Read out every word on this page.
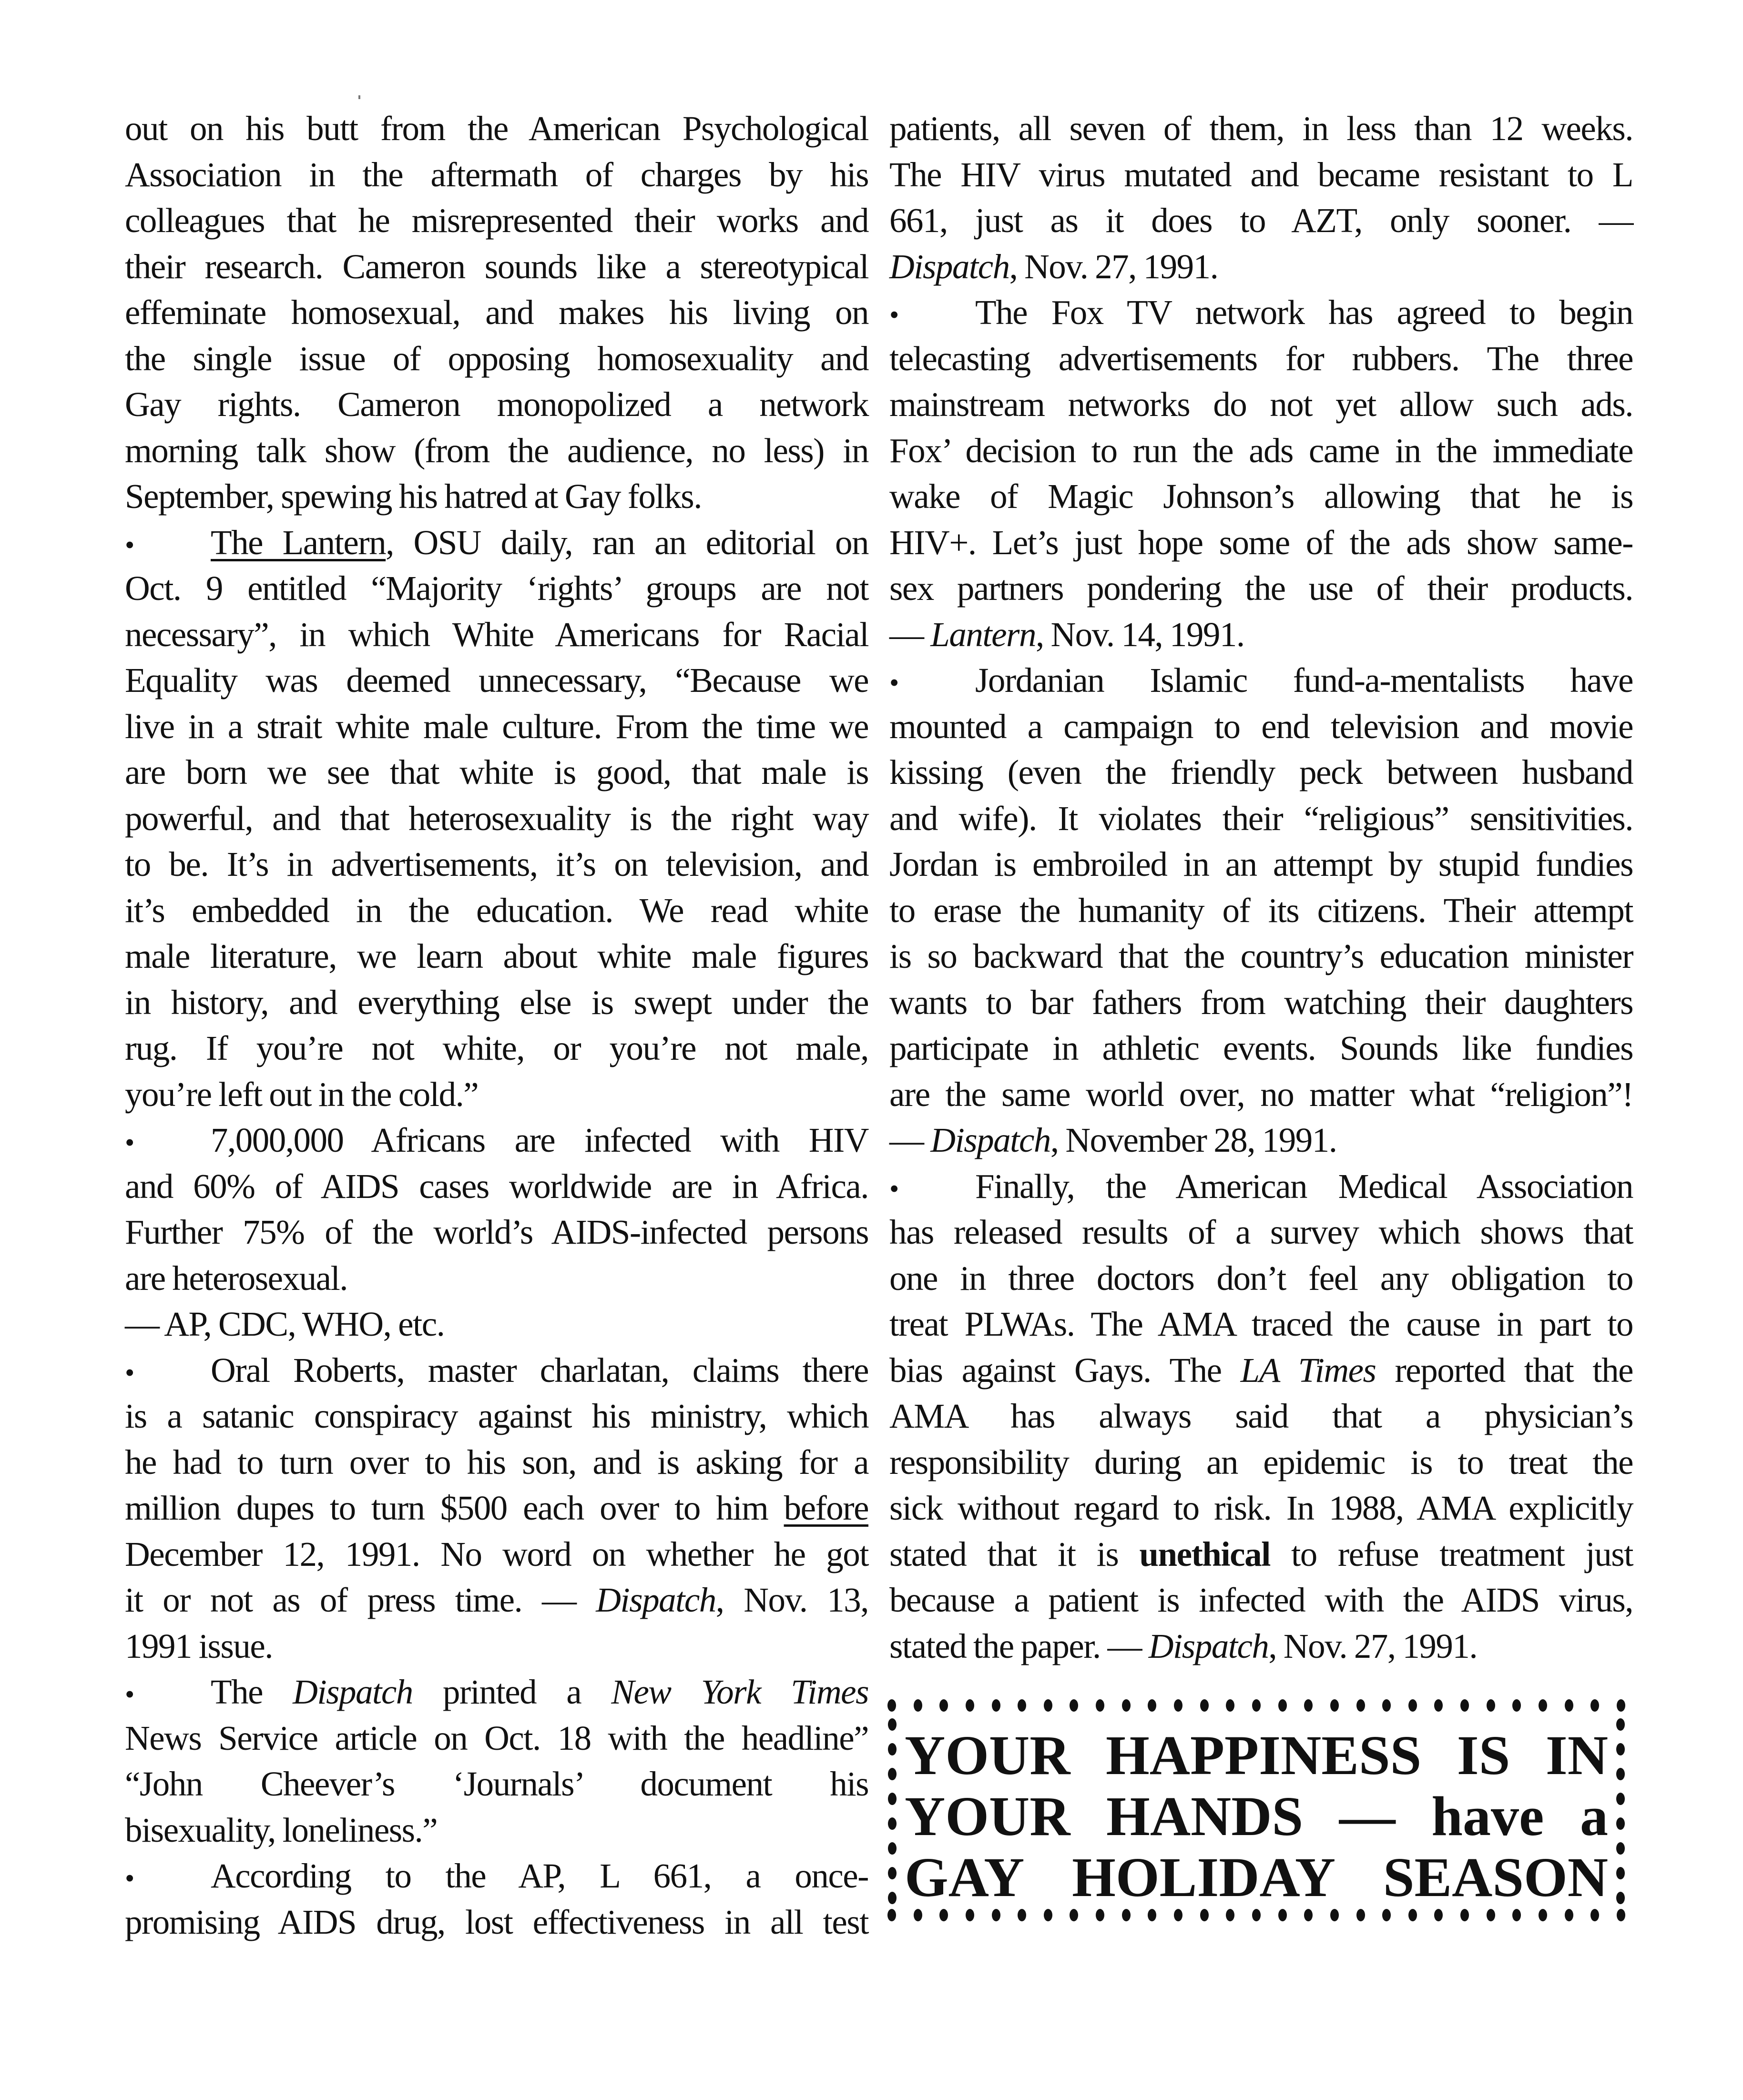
out on his butt from the American Psychological
Association in the aftermath of charges by his
colleagues that he misrepresented their works and
their research. Cameron sounds like a stereotypical
effeminate homosexual, and makes his living on
the single issue of opposing homosexuality and
Gay rights. Cameron monopolized a network
morning talk show (from the audience, no less) in
September, spewing his hatred at Gay folks.
• The Lantern, OSU daily, ran an editorial on
Oct. 9 entitled “Majority ‘rights’ groups are not
necessary”, in which White Americans for Racial
Equality was deemed unnecessary, “Because we
live in a strait white male culture. From the time we
are born we see that white is good, that male is
powerful, and that heterosexuality is the right way
to be. It’s in advertisements, it’s on television, and
it’s embedded in the education. We read white
male literature, we learn about white male figures
in history, and everything else is swept under the
rug. If you’re not white, or you’re not male,
you’re left out in the cold.”
• 7,000,000 Africans are infected with HIV
and 60% of AIDS cases worldwide are in Africa.
Further 75% of the world’s AIDS-infected persons
are heterosexual.
— AP, CDC, WHO, etc.
• Oral Roberts, master charlatan, claims there
is a satanic conspiracy against his ministry, which
he had to turn over to his son, and is asking for a
million dupes to turn $500 each over to him before
December 12, 1991. No word on whether he got
it or not as of press time. — Dispatch, Nov. 13,
1991 issue.
• The Dispatch printed a New York Times
News Service article on Oct. 18 with the headline”
“John Cheever’s ‘Journals’ document his
bisexuality, loneliness.”
• According to the AP, L 661, a once-
promising AIDS drug, lost effectiveness in all test
patients, all seven of them, in less than 12 weeks.
The HIV virus mutated and became resistant to L
661, just as it does to AZT, only sooner. —
Dispatch, Nov. 27, 1991.
• The Fox TV network has agreed to begin
telecasting advertisements for rubbers. The three
mainstream networks do not yet allow such ads.
Fox’ decision to run the ads came in the immediate
wake of Magic Johnson’s allowing that he is
HIV+. Let’s just hope some of the ads show same-
sex partners pondering the use of their products.
— Lantern, Nov. 14, 1991.
• Jordanian Islamic fund-a-mentalists have
mounted a campaign to end television and movie
kissing (even the friendly peck between husband
and wife). It violates their “religious” sensitivities.
Jordan is embroiled in an attempt by stupid fundies
to erase the humanity of its citizens. Their attempt
is so backward that the country’s education minister
wants to bar fathers from watching their daughters
participate in athletic events. Sounds like fundies
are the same world over, no matter what “religion”!
— Dispatch, November 28, 1991.
• Finally, the American Medical Association
has released results of a survey which shows that
one in three doctors don’t feel any obligation to
treat PLWAs. The AMA traced the cause in part to
bias against Gays. The LA Times reported that the
AMA has always said that a physician’s
responsibility during an epidemic is to treat the
sick without regard to risk. In 1988, AMA explicitly
stated that it is unethical to refuse treatment just
because a patient is infected with the AIDS virus,
stated the paper. — Dispatch, Nov. 27, 1991.
YOUR HAPPINESS IS IN
YOUR HANDS — have a
GAY HOLIDAY SEASON
